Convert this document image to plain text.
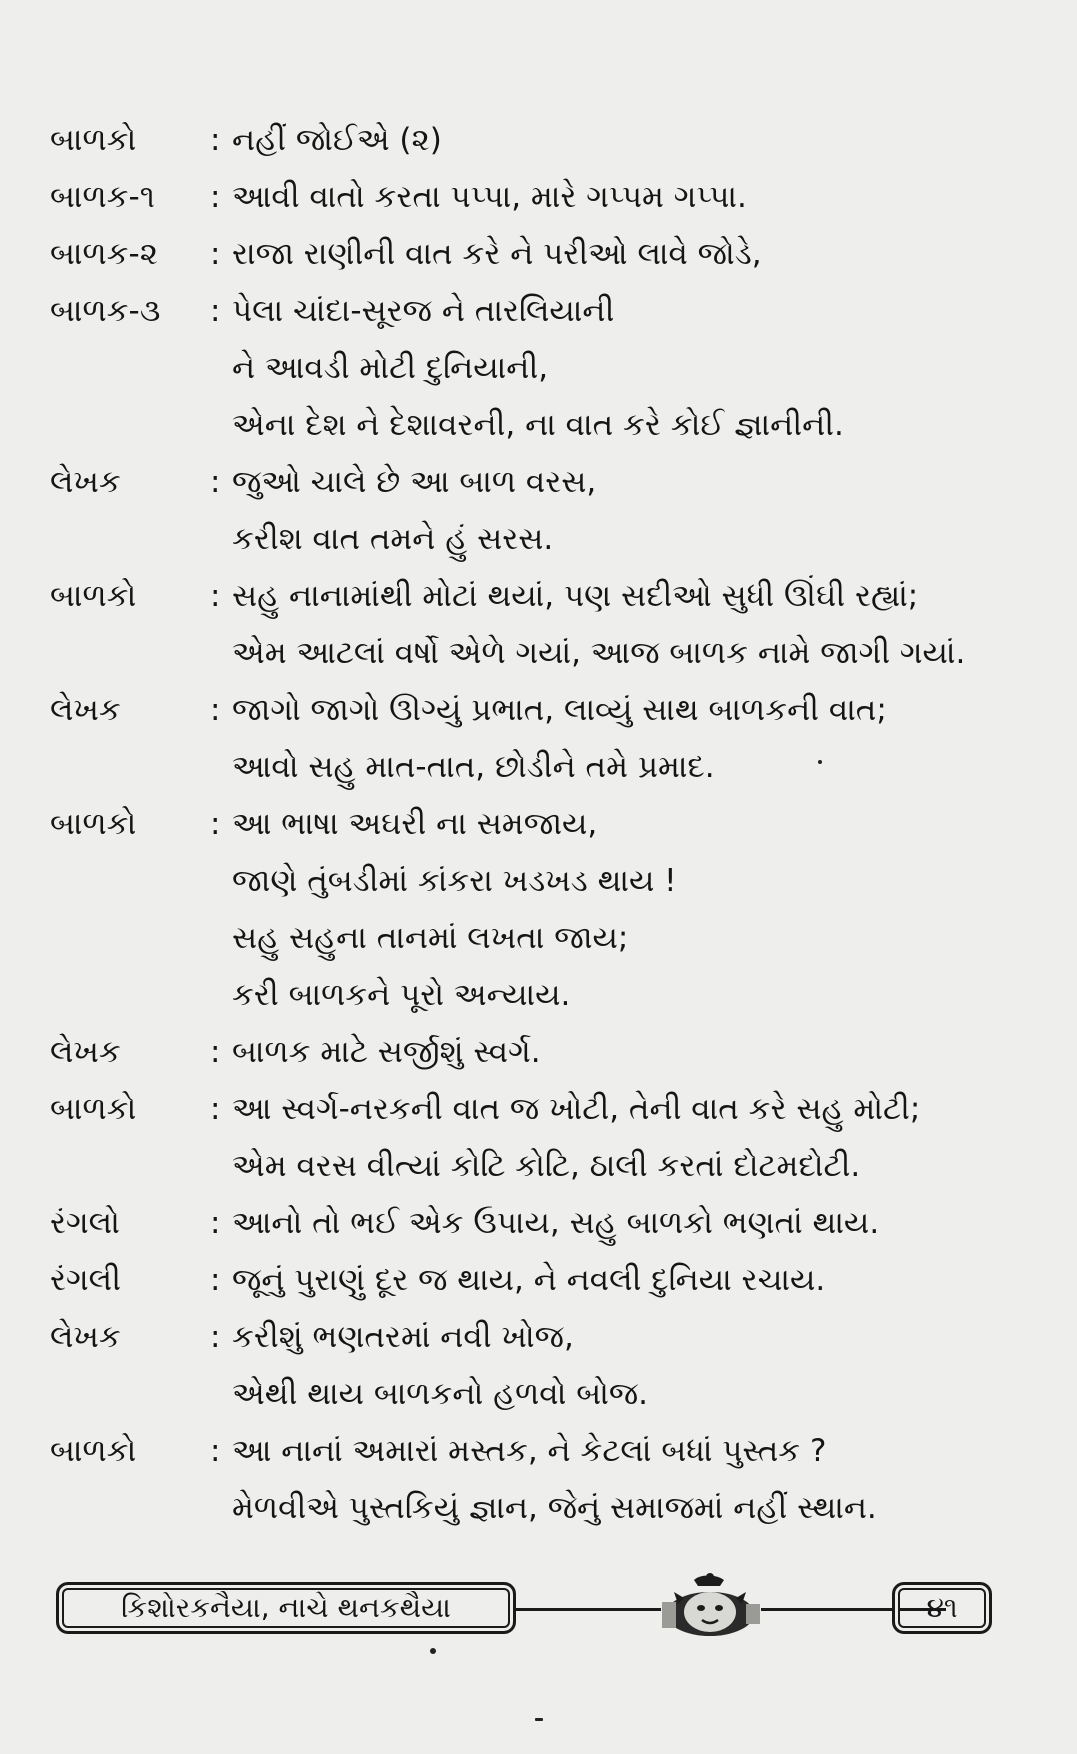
બાળકો	: નહીં જોઈએ (૨)
બાળક-૧	: આવી વાતો કરતા પપ્પા, મારે ગપ્પમ ગપ્પા.
બાળક-૨	: રાજા રાણીની વાત કરે ને પરીઓ લાવે જોડે,
બાળક-૩	: પેલા ચાંદા-સૂરજ ને તારલિયાની
ને આવડી મોટી દુનિયાની,
એના દેશ ને દેશાવરની, ના વાત કરે કોઈ જ્ઞાનીની.
લેખક	: જુઓ ચાલે છે આ બાળ વરસ,
કરીશ વાત તમને હું સરસ.
બાળકો	: સહુ નાનામાંથી મોટાં થયાં, પણ સદીઓ સુધી ઊંઘી રહ્યાં;
એમ આટલાં વર્ષો એળે ગયાં, આજ બાળક નામે જાગી ગયાં.
લેખક	: જાગો જાગો ઊગ્યું પ્રભાત, લાવ્યું સાથ બાળકની વાત;
આવો સહુ માત-તાત, છોડીને તમે પ્રમાદ.
બાળકો	: આ ભાષા અઘરી ના સમજાય,
જાણે તુંબડીમાં કાંકરા ખડખડ થાય !
સહુ સહુના તાનમાં લખતા જાય;
કરી બાળકને પૂરો અન્યાય.
લેખક	: બાળક માટે સર્જીશું સ્વર્ગ.
બાળકો	: આ સ્વર્ગ-નરકની વાત જ ખોટી, તેની વાત કરે સહુ મોટી;
એમ વરસ વીત્યાં કોટિ કોટિ, ઠાલી કરતાં દોટમદોટી.
રંગલો	: આનો તો ભઈ એક ઉપાય, સહુ બાળકો ભણતાં થાય.
રંગલી	: જૂનું પુરાણું દૂર જ થાય, ને નવલી દુનિયા રચાય.
લેખક	: કરીશું ભણતરમાં નવી ખોજ,
એથી થાય બાળકનો હળવો બોજ.
બાળકો	: આ નાનાં અમારાં મસ્તક, ને કેટલાં બધાં પુસ્તક ?
મેળવીએ પુસ્તકિયું જ્ઞાન, જેનું સમાજમાં નહીં સ્થાન.
કિશોરકનૈયા, નાચે થનકથૈયા	૪૧
